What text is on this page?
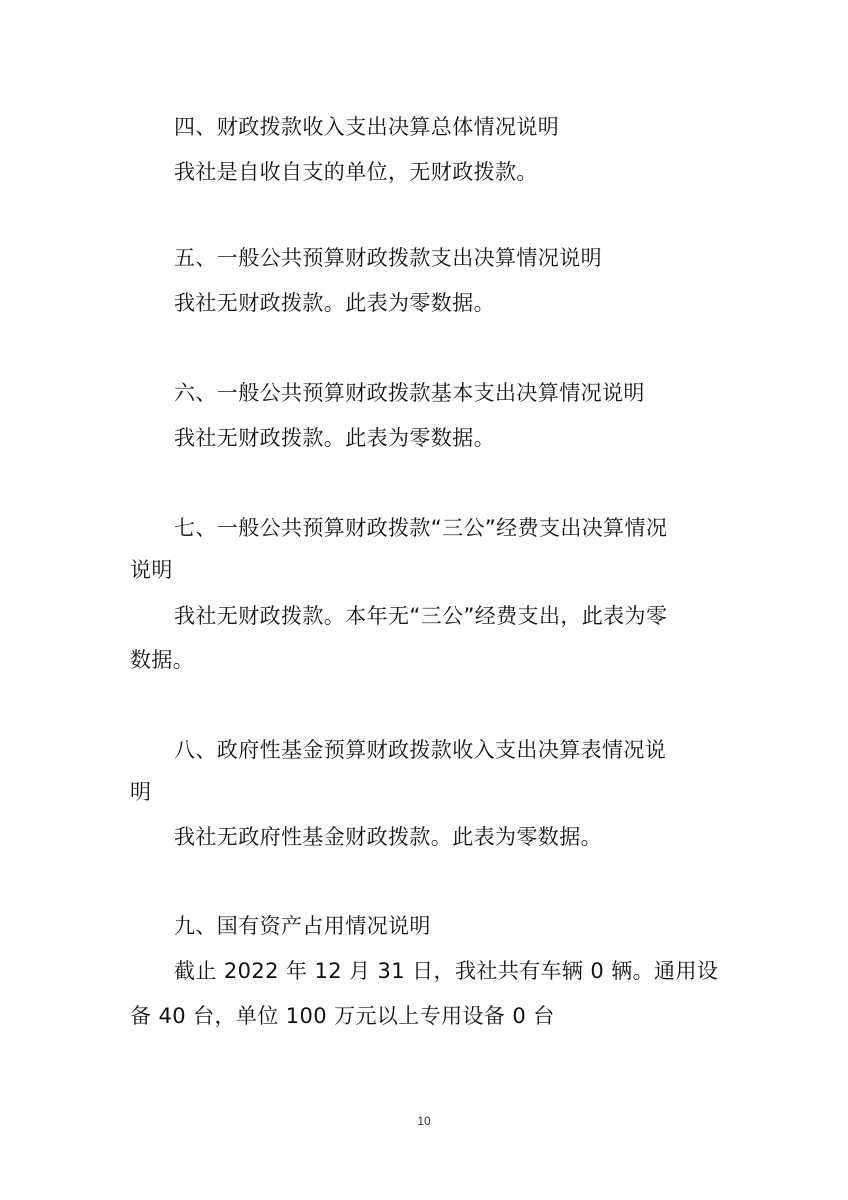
四、财政拨款收入支出决算总体情况说明
我社是自收自支的单位，无财政拨款。
五、一般公共预算财政拨款支出决算情况说明
我社无财政拨款。此表为零数据。
六、一般公共预算财政拨款基本支出决算情况说明
我社无财政拨款。此表为零数据。
七、一般公共预算财政拨款“三公”经费支出决算情况
说明
我社无财政拨款。本年无“三公”经费支出，此表为零
数据。
八、政府性基金预算财政拨款收入支出决算表情况说
明
我社无政府性基金财政拨款。此表为零数据。
九、国有资产占用情况说明
截止 2022 年 12 月 31 日，我社共有车辆 0 辆。通用设
备 40 台，单位 100 万元以上专用设备 0 台
10
